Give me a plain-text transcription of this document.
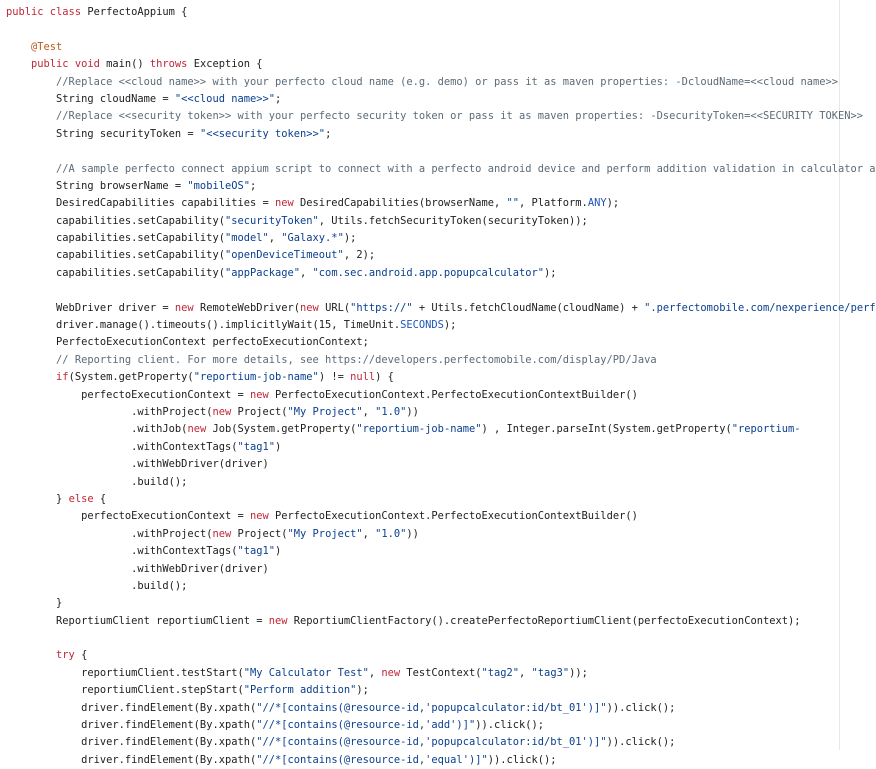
public class PerfectoAppium {
@Test
public void main() throws Exception {
//Replace <<cloud name>> with your perfecto cloud name (e.g. demo) or pass it as maven properties: -DcloudName=<<cloud name>>
String cloudName = "<<cloud name>>";
//Replace <<security token>> with your perfecto security token or pass it as maven properties: -DsecurityToken=<<SECURITY TOKEN>>
String securityToken = "<<security token>>";
//A sample perfecto connect appium script to connect with a perfecto android device and perform addition validation in calculator a
String browserName = "mobileOS";
DesiredCapabilities capabilities = new DesiredCapabilities(browserName, "", Platform.ANY);
capabilities.setCapability("securityToken", Utils.fetchSecurityToken(securityToken));
capabilities.setCapability("model", "Galaxy.*");
capabilities.setCapability("openDeviceTimeout", 2);
capabilities.setCapability("appPackage", "com.sec.android.app.popupcalculator");
WebDriver driver = new RemoteWebDriver(new URL("https://" + Utils.fetchCloudName(cloudName) + ".perfectomobile.com/nexperience/perf
driver.manage().timeouts().implicitlyWait(15, TimeUnit.SECONDS);
PerfectoExecutionContext perfectoExecutionContext;
// Reporting client. For more details, see https://developers.perfectomobile.com/display/PD/Java
if(System.getProperty("reportium-job-name") != null) {
perfectoExecutionContext = new PerfectoExecutionContext.PerfectoExecutionContextBuilder()
.withProject(new Project("My Project", "1.0"))
.withJob(new Job(System.getProperty("reportium-job-name") , Integer.parseInt(System.getProperty("reportium-
.withContextTags("tag1")
.withWebDriver(driver)
.build();
} else {
perfectoExecutionContext = new PerfectoExecutionContext.PerfectoExecutionContextBuilder()
.withProject(new Project("My Project", "1.0"))
.withContextTags("tag1")
.withWebDriver(driver)
.build();
}
ReportiumClient reportiumClient = new ReportiumClientFactory().createPerfectoReportiumClient(perfectoExecutionContext);
try {
reportiumClient.testStart("My Calculator Test", new TestContext("tag2", "tag3"));
reportiumClient.stepStart("Perform addition");
driver.findElement(By.xpath("//*[contains(@resource-id,'popupcalculator:id/bt_01')]")).click();
driver.findElement(By.xpath("//*[contains(@resource-id,'add')]")).click();
driver.findElement(By.xpath("//*[contains(@resource-id,'popupcalculator:id/bt_01')]")).click();
driver.findElement(By.xpath("//*[contains(@resource-id,'equal')]")).click();
